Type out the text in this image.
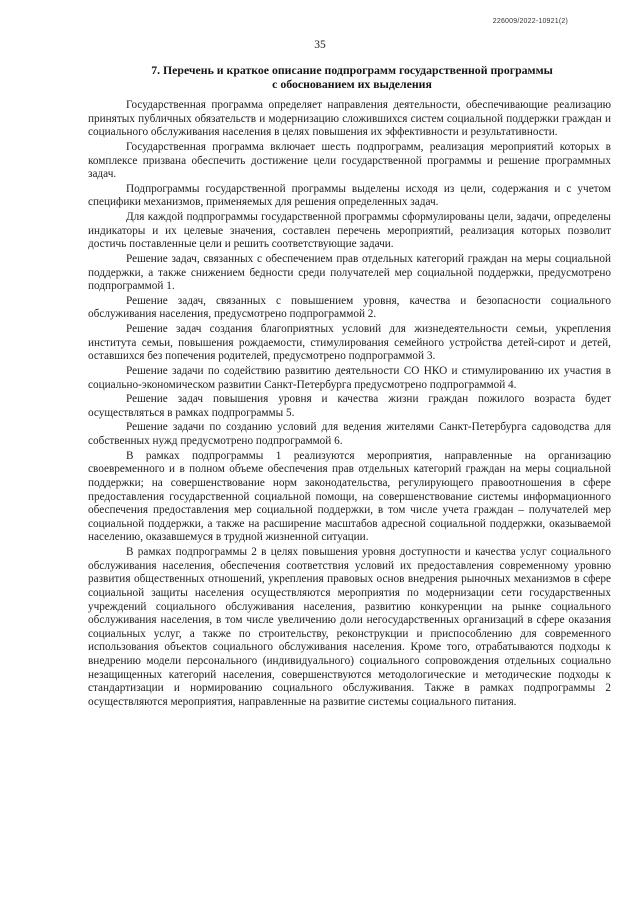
226009/2022-10921(2)
35
7. Перечень и краткое описание подпрограмм государственной программы
с обоснованием их выделения

Государственная программа определяет направления деятельности, обеспечивающие реализацию принятых публичных обязательств и модернизацию сложившихся систем социальной поддержки граждан и социального обслуживания населения в целях повышения их эффективности и результативности.

Государственная программа включает шесть подпрограмм, реализация мероприятий которых в комплексе призвана обеспечить достижение цели государственной программы и решение программных задач.

Подпрограммы государственной программы выделены исходя из цели, содержания и с учетом специфики механизмов, применяемых для решения определенных задач.

Для каждой подпрограммы государственной программы сформулированы цели, задачи, определены индикаторы и их целевые значения, составлен перечень мероприятий, реализация которых позволит достичь поставленные цели и решить соответствующие задачи.

Решение задач, связанных с обеспечением прав отдельных категорий граждан на меры социальной поддержки, а также снижением бедности среди получателей мер социальной поддержки, предусмотрено подпрограммой 1.

Решение задач, связанных с повышением уровня, качества и безопасности социального обслуживания населения, предусмотрено подпрограммой 2.

Решение задач создания благоприятных условий для жизнедеятельности семьи, укрепления института семьи, повышения рождаемости, стимулирования семейного устройства детей-сирот и детей, оставшихся без попечения родителей, предусмотрено подпрограммой 3.

Решение задачи по содействию развитию деятельности СО НКО и стимулированию их участия в социально-экономическом развитии Санкт-Петербурга предусмотрено подпрограммой 4.

Решение задач повышения уровня и качества жизни граждан пожилого возраста будет осуществляться в рамках подпрограммы 5.

Решение задачи по созданию условий для ведения жителями Санкт-Петербурга садоводства для собственных нужд предусмотрено подпрограммой 6.

В рамках подпрограммы 1 реализуются мероприятия, направленные на организацию своевременного и в полном объеме обеспечения прав отдельных категорий граждан на меры социальной поддержки; на совершенствование норм законодательства, регулирующего правоотношения в сфере предоставления государственной социальной помощи, на совершенствование системы информационного обеспечения предоставления мер социальной поддержки, в том числе учета граждан – получателей мер социальной поддержки, а также на расширение масштабов адресной социальной поддержки, оказываемой населению, оказавшемуся в трудной жизненной ситуации.

В рамках подпрограммы 2 в целях повышения уровня доступности и качества услуг социального обслуживания населения, обеспечения соответствия условий их предоставления современному уровню развития общественных отношений, укрепления правовых основ внедрения рыночных механизмов в сфере социальной защиты населения осуществляются мероприятия по модернизации сети государственных учреждений социального обслуживания населения, развитию конкуренции на рынке социального обслуживания населения, в том числе увеличению доли негосударственных организаций в сфере оказания социальных услуг, а также по строительству, реконструкции и приспособлению для современного использования объектов социального обслуживания населения. Кроме того, отрабатываются подходы к внедрению модели персонального (индивидуального) социального сопровождения отдельных социально незащищенных категорий населения, совершенствуются методологические и методические подходы к стандартизации и нормированию социального обслуживания. Также в рамках подпрограммы 2 осуществляются мероприятия, направленные на развитие системы социального питания.
